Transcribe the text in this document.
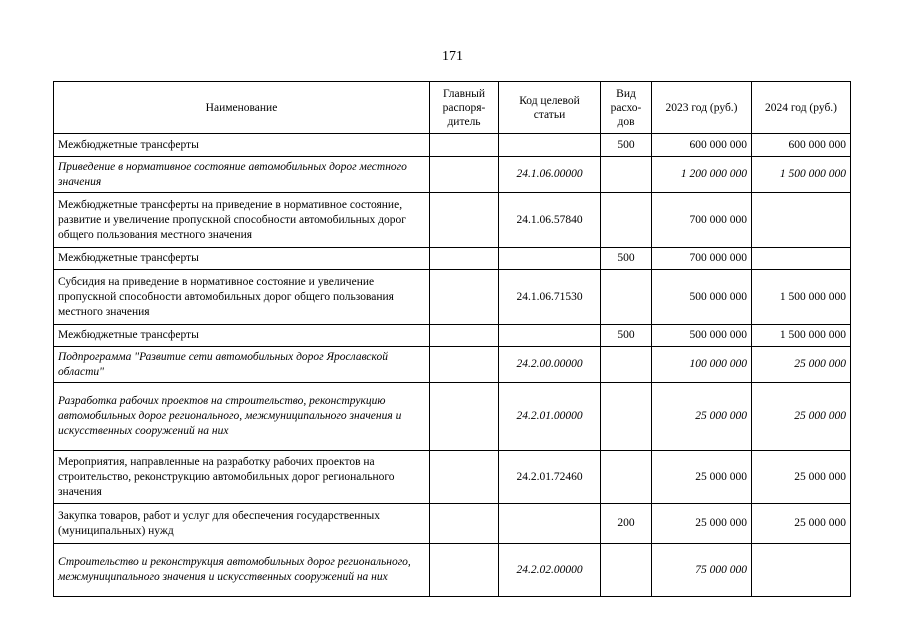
171
Наименование	Главный распоря-дитель	Код целевой статьи	Вид расхо-дов	2023 год (руб.)	2024 год (руб.)
Межбюджетные трансферты			500	600 000 000	600 000 000
Приведение в нормативное состояние автомобильных дорог местного значения		24.1.06.00000		1 200 000 000	1 500 000 000
Межбюджетные трансферты на приведение в нормативное состояние, развитие и увеличение пропускной способности автомобильных дорог общего пользования местного значения		24.1.06.57840		700 000 000	
Межбюджетные трансферты			500	700 000 000	
Субсидия на приведение в нормативное состояние и увеличение пропускной способности автомобильных дорог общего пользования местного значения		24.1.06.71530		500 000 000	1 500 000 000
Межбюджетные трансферты			500	500 000 000	1 500 000 000
Подпрограмма "Развитие сети автомобильных дорог Ярославской области"		24.2.00.00000		100 000 000	25 000 000
Разработка рабочих проектов на строительство, реконструкцию автомобильных дорог регионального, межмуниципального значения и искусственных сооружений на них		24.2.01.00000		25 000 000	25 000 000
Мероприятия, направленные на разработку рабочих проектов на строительство, реконструкцию автомобильных дорог регионального значения		24.2.01.72460		25 000 000	25 000 000
Закупка товаров, работ и услуг для обеспечения государственных (муниципальных) нужд			200	25 000 000	25 000 000
Строительство и реконструкция автомобильных дорог регионального, межмуниципального значения и искусственных сооружений на них		24.2.02.00000		75 000 000	
